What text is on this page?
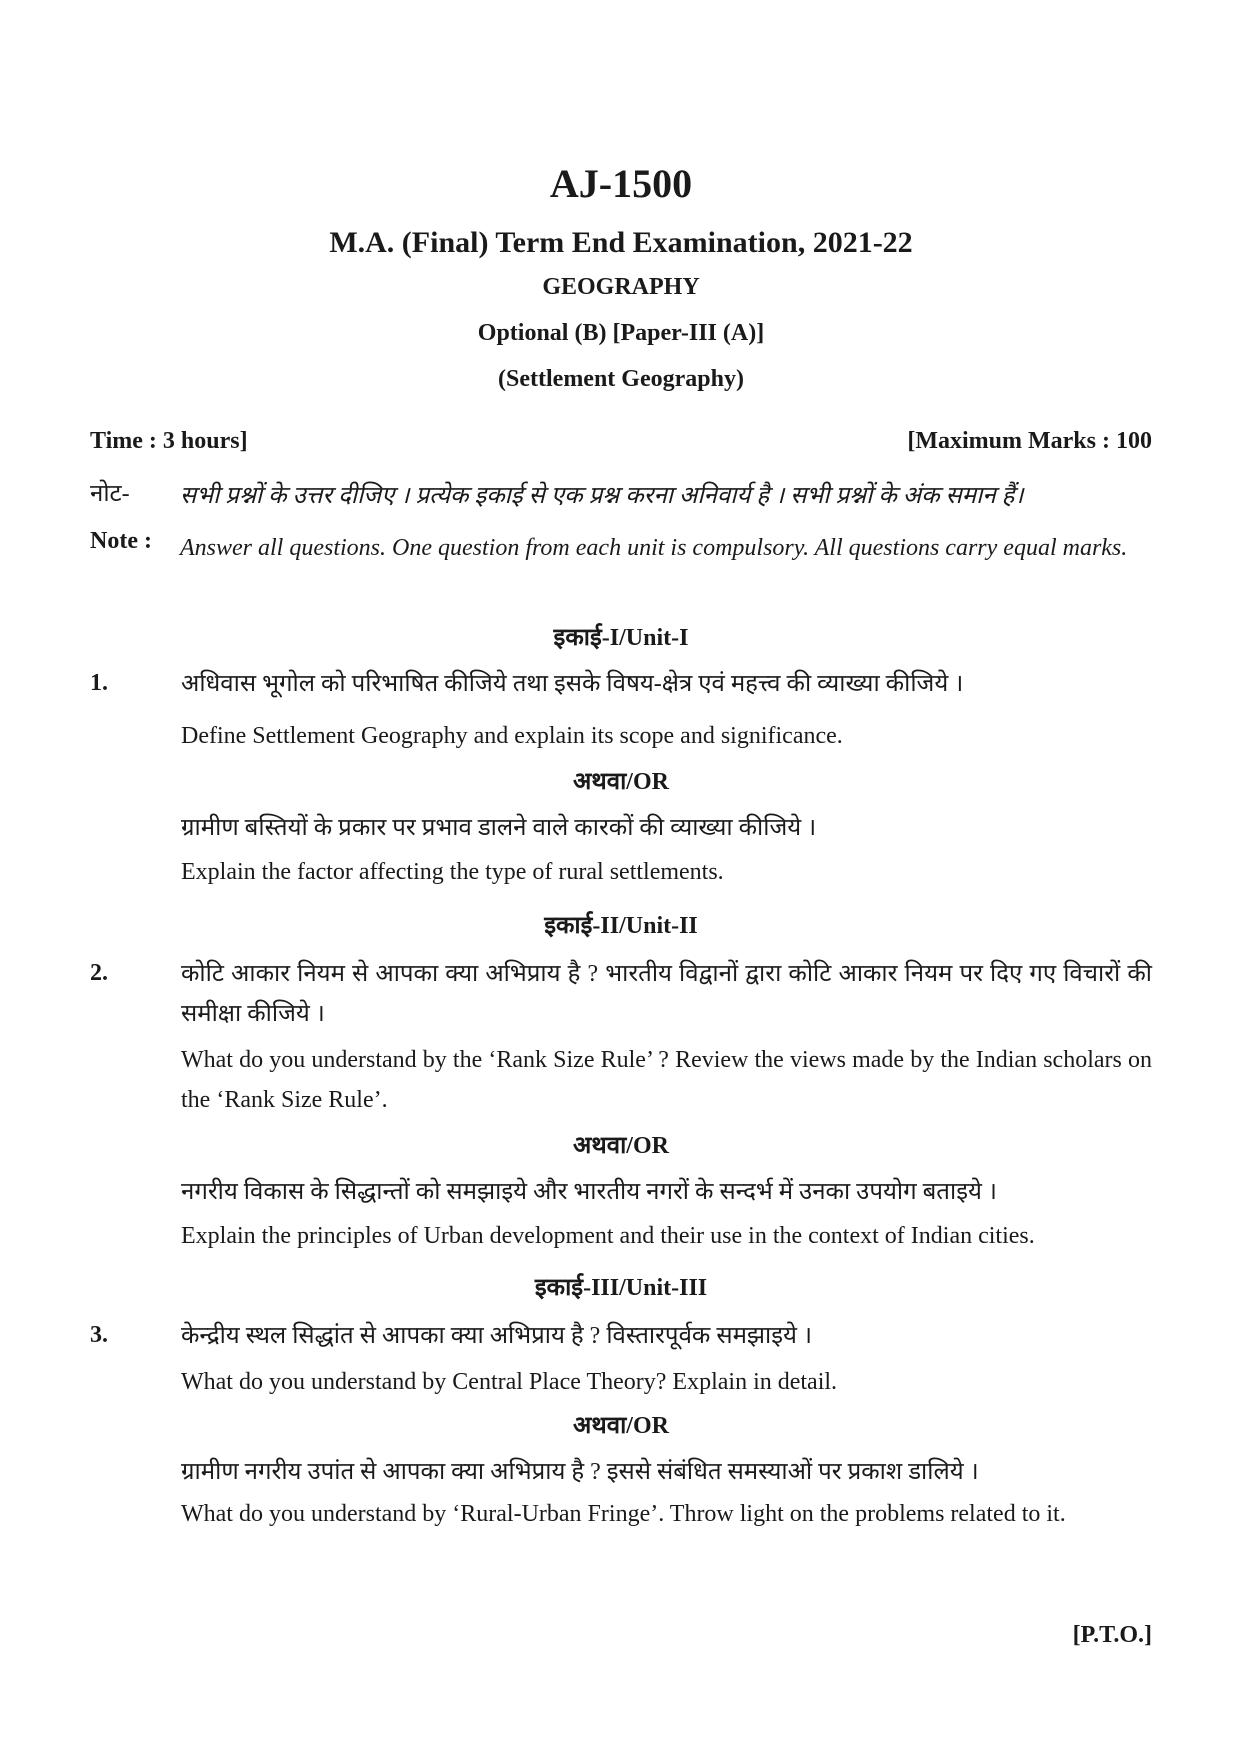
AJ-1500
M.A. (Final) Term End Examination, 2021-22
GEOGRAPHY
Optional (B) [Paper-III (A)]
(Settlement Geography)
Time : 3 hours]	[Maximum Marks : 100
नोट- सभी प्रश्नों के उत्तर दीजिए । प्रत्येक इकाई से एक प्रश्न करना अनिवार्य है । सभी प्रश्नों के अंक समान हैं।
Note : Answer all questions. One question from each unit is compulsory. All questions carry equal marks.
इकाई-I/Unit-I
1.	अधिवास भूगोल को परिभाषित कीजिये तथा इसके विषय-क्षेत्र एवं महत्त्व की व्याख्या कीजिये ।
Define Settlement Geography and explain its scope and significance.
अथवा/OR
ग्रामीण बस्तियों के प्रकार पर प्रभाव डालने वाले कारकों की व्याख्या कीजिये ।
Explain the factor affecting the type of rural settlements.
इकाई-II/Unit-II
2.	कोटि आकार नियम से आपका क्या अभिप्राय है ? भारतीय विद्वानों द्वारा कोटि आकार नियम पर दिए गए विचारों की समीक्षा कीजिये ।
What do you understand by the ‘Rank Size Rule’ ? Review the views made by the Indian scholars on the ‘Rank Size Rule’.
अथवा/OR
नगरीय विकास के सिद्धान्तों को समझाइये और भारतीय नगरों के सन्दर्भ में उनका उपयोग बताइये ।
Explain the principles of Urban development and their use in the context of Indian cities.
इकाई-III/Unit-III
3.	केन्द्रीय स्थल सिद्धांत से आपका क्या अभिप्राय है ? विस्तारपूर्वक समझाइये ।
What do you understand by Central Place Theory? Explain in detail.
अथवा/OR
ग्रामीण नगरीय उपांत से आपका क्या अभिप्राय है ? इससे संबंधित समस्याओं पर प्रकाश डालिये ।
What do you understand by ‘Rural-Urban Fringe’. Throw light on the problems related to it.
[P.T.O.]
